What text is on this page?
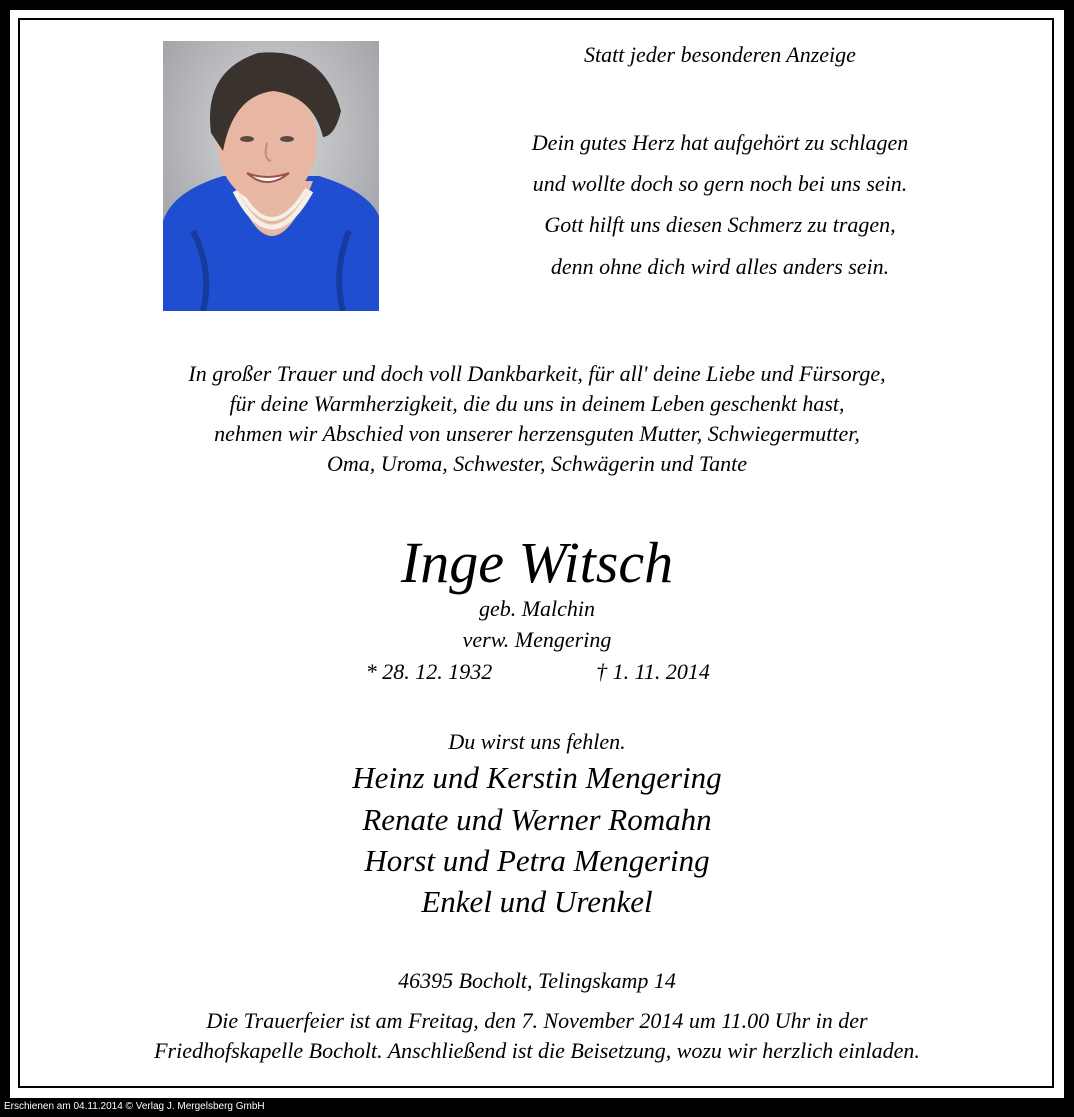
Statt jeder besonderen Anzeige
Dein gutes Herz hat aufgehört zu schlagen
und wollte doch so gern noch bei uns sein.
Gott hilft uns diesen Schmerz zu tragen,
denn ohne dich wird alles anders sein.
In großer Trauer und doch voll Dankbarkeit, für all' deine Liebe und Fürsorge,
für deine Warmherzigkeit, die du uns in deinem Leben geschenkt hast,
nehmen wir Abschied von unserer herzensguten Mutter, Schwiegermutter,
Oma, Uroma, Schwester, Schwägerin und Tante
Inge Witsch
geb. Malchin
verw. Mengering
* 28. 12. 1932	† 1. 11. 2014
Du wirst uns fehlen.
Heinz und Kerstin Mengering
Renate und Werner Romahn
Horst und Petra Mengering
Enkel und Urenkel
46395 Bocholt, Telingskamp 14
Die Trauerfeier ist am Freitag, den 7. November 2014 um 11.00 Uhr in der
Friedhofskapelle Bocholt. Anschließend ist die Beisetzung, wozu wir herzlich einladen.
Erschienen am 04.11.2014 © Verlag J. Mergelsberg GmbH
